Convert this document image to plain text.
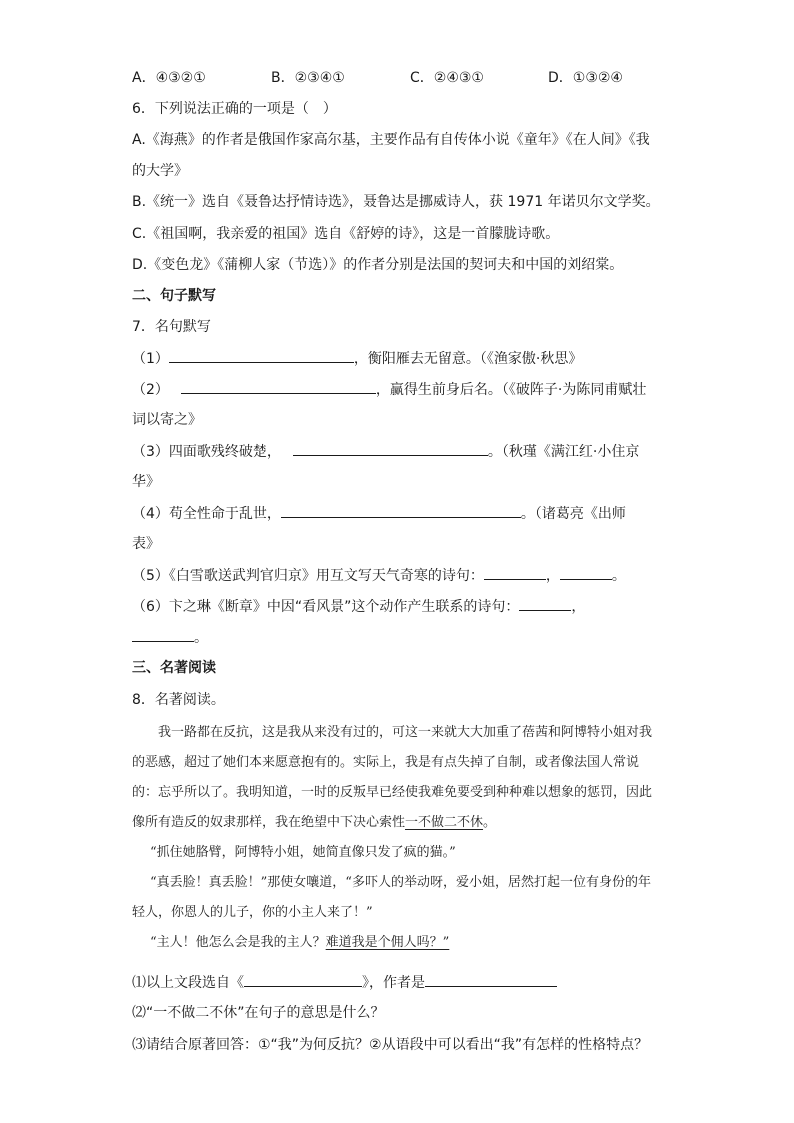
A．④③②①	B．②③④①	C．②④③①	D．①③②④
6．下列说法正确的一项是（　）
A.《海燕》的作者是俄国作家高尔基，主要作品有自传体小说《童年》《在人间》《我
的大学》
B.《统一》选自《聂鲁达抒情诗选》，聂鲁达是挪威诗人，获 1971 年诺贝尔文学奖。
C.《祖国啊，我亲爱的祖国》选自《舒婷的诗》，这是一首朦胧诗歌。
D.《变色龙》《蒲柳人家（节选）》的作者分别是法国的契诃夫和中国的刘绍棠。
二、句子默写
7．名句默写
（1）	，衡阳雁去无留意。（《渔家傲·秋思》
（2）	，赢得生前身后名。（《破阵子·为陈同甫赋壮
词以寄之》
（3）四面歌残终破楚，	。（秋瑾《满江红·小住京
华》
（4）苟全性命于乱世，	。（诸葛亮《出师
表》
（5）《白雪歌送武判官归京》用互文写天气奇寒的诗句：	，	。
（6）卞之琳《断章》中因“看风景”这个动作产生联系的诗句：	，
。
三、名著阅读
8．名著阅读。

我一路都在反抗，这是我从来没有过的，可这一来就大大加重了蓓茜和阿博特小姐对我的恶感，超过了她们本来愿意抱有的。实际上，我是有点失掉了自制，或者像法国人常说的：忘乎所以了。我明知道，一时的反叛早已经使我难免要受到种种难以想象的惩罚，因此像所有造反的奴隶那样，我在绝望中下决心索性一不做二不休。

“抓住她胳臂，阿博特小姐，她简直像只发了疯的猫。”

“真丢脸！真丢脸！”那使女嚷道，“多吓人的举动呀，爱小姐，居然打起一位有身份的年轻人，你恩人的儿子，你的小主人来了！”

“主人！他怎么会是我的主人？难道我是个佣人吗？”

⑴以上文段选自《	》，作者是
⑵“一不做二不休”在句子的意思是什么？
⑶请结合原著回答：①“我”为何反抗？②从语段中可以看出“我”有怎样的性格特点？
